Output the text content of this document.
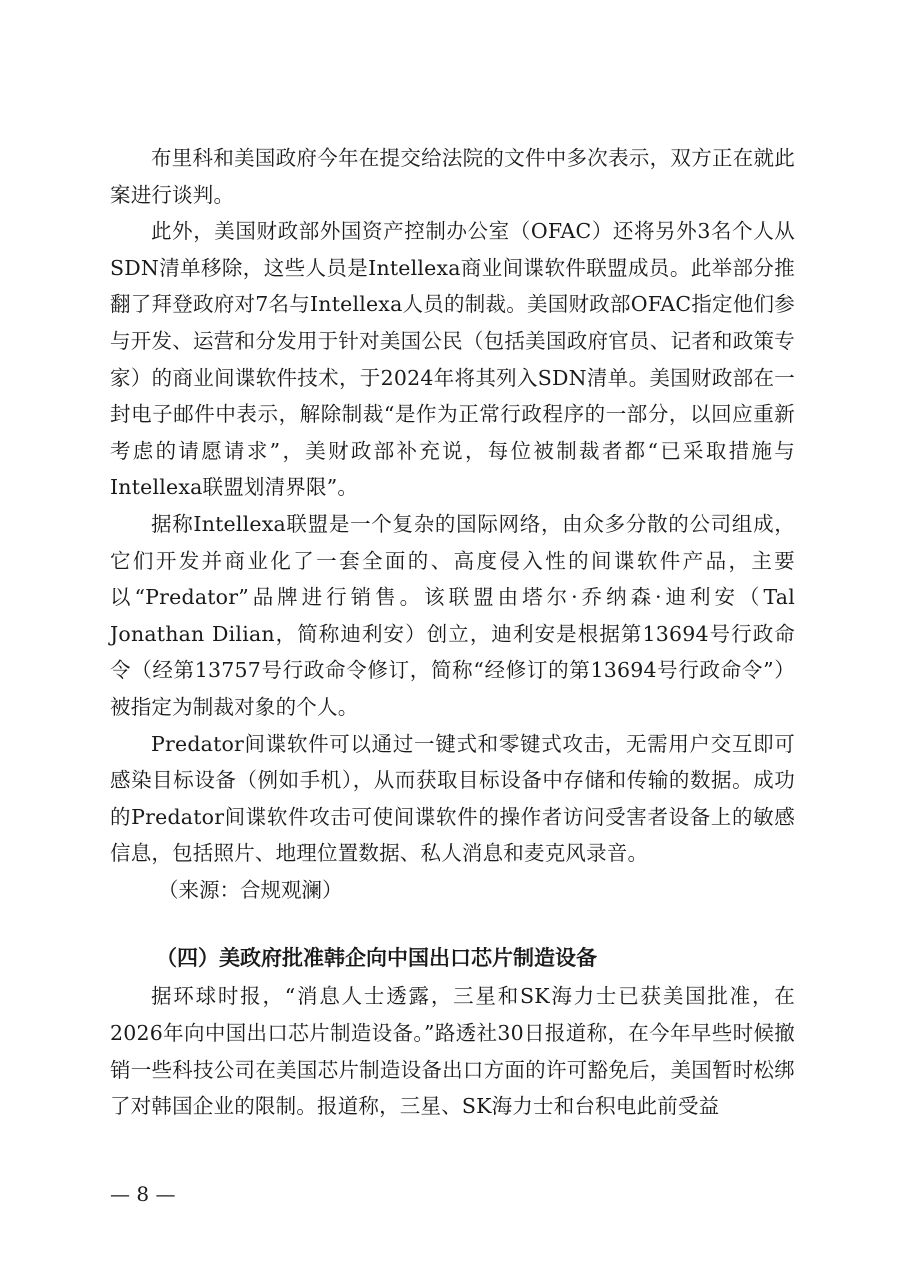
布里科和美国政府今年在提交给法院的文件中多次表示，双方正在就此案进行谈判。

此外，美国财政部外国资产控制办公室（OFAC）还将另外3名个人从SDN清单移除，这些人员是Intellexa商业间谍软件联盟成员。此举部分推翻了拜登政府对7名与Intellexa人员的制裁。美国财政部OFAC指定他们参与开发、运营和分发用于针对美国公民（包括美国政府官员、记者和政策专家）的商业间谍软件技术，于2024年将其列入SDN清单。美国财政部在一封电子邮件中表示，解除制裁“是作为正常行政程序的一部分，以回应重新考虑的请愿请求”，美财政部补充说，每位被制裁者都“已采取措施与Intellexa联盟划清界限”。

据称Intellexa联盟是一个复杂的国际网络，由众多分散的公司组成，它们开发并商业化了一套全面的、高度侵入性的间谍软件产品，主要以“Predator”品牌进行销售。该联盟由塔尔·乔纳森·迪利安（Tal Jonathan Dilian，简称迪利安）创立，迪利安是根据第13694号行政命令（经第13757号行政命令修订，简称“经修订的第13694号行政命令”）被指定为制裁对象的个人。

Predator间谍软件可以通过一键式和零键式攻击，无需用户交互即可感染目标设备（例如手机），从而获取目标设备中存储和传输的数据。成功的Predator间谍软件攻击可使间谍软件的操作者访问受害者设备上的敏感信息，包括照片、地理位置数据、私人消息和麦克风录音。

（来源：合规观澜）

（四）美政府批准韩企向中国出口芯片制造设备

据环球时报，“消息人士透露，三星和SK海力士已获美国批准，在2026年向中国出口芯片制造设备。”路透社30日报道称，在今年早些时候撤销一些科技公司在美国芯片制造设备出口方面的许可豁免后，美国暂时松绑了对韩国企业的限制。报道称，三星、SK海力士和台积电此前受益

— 8 —
